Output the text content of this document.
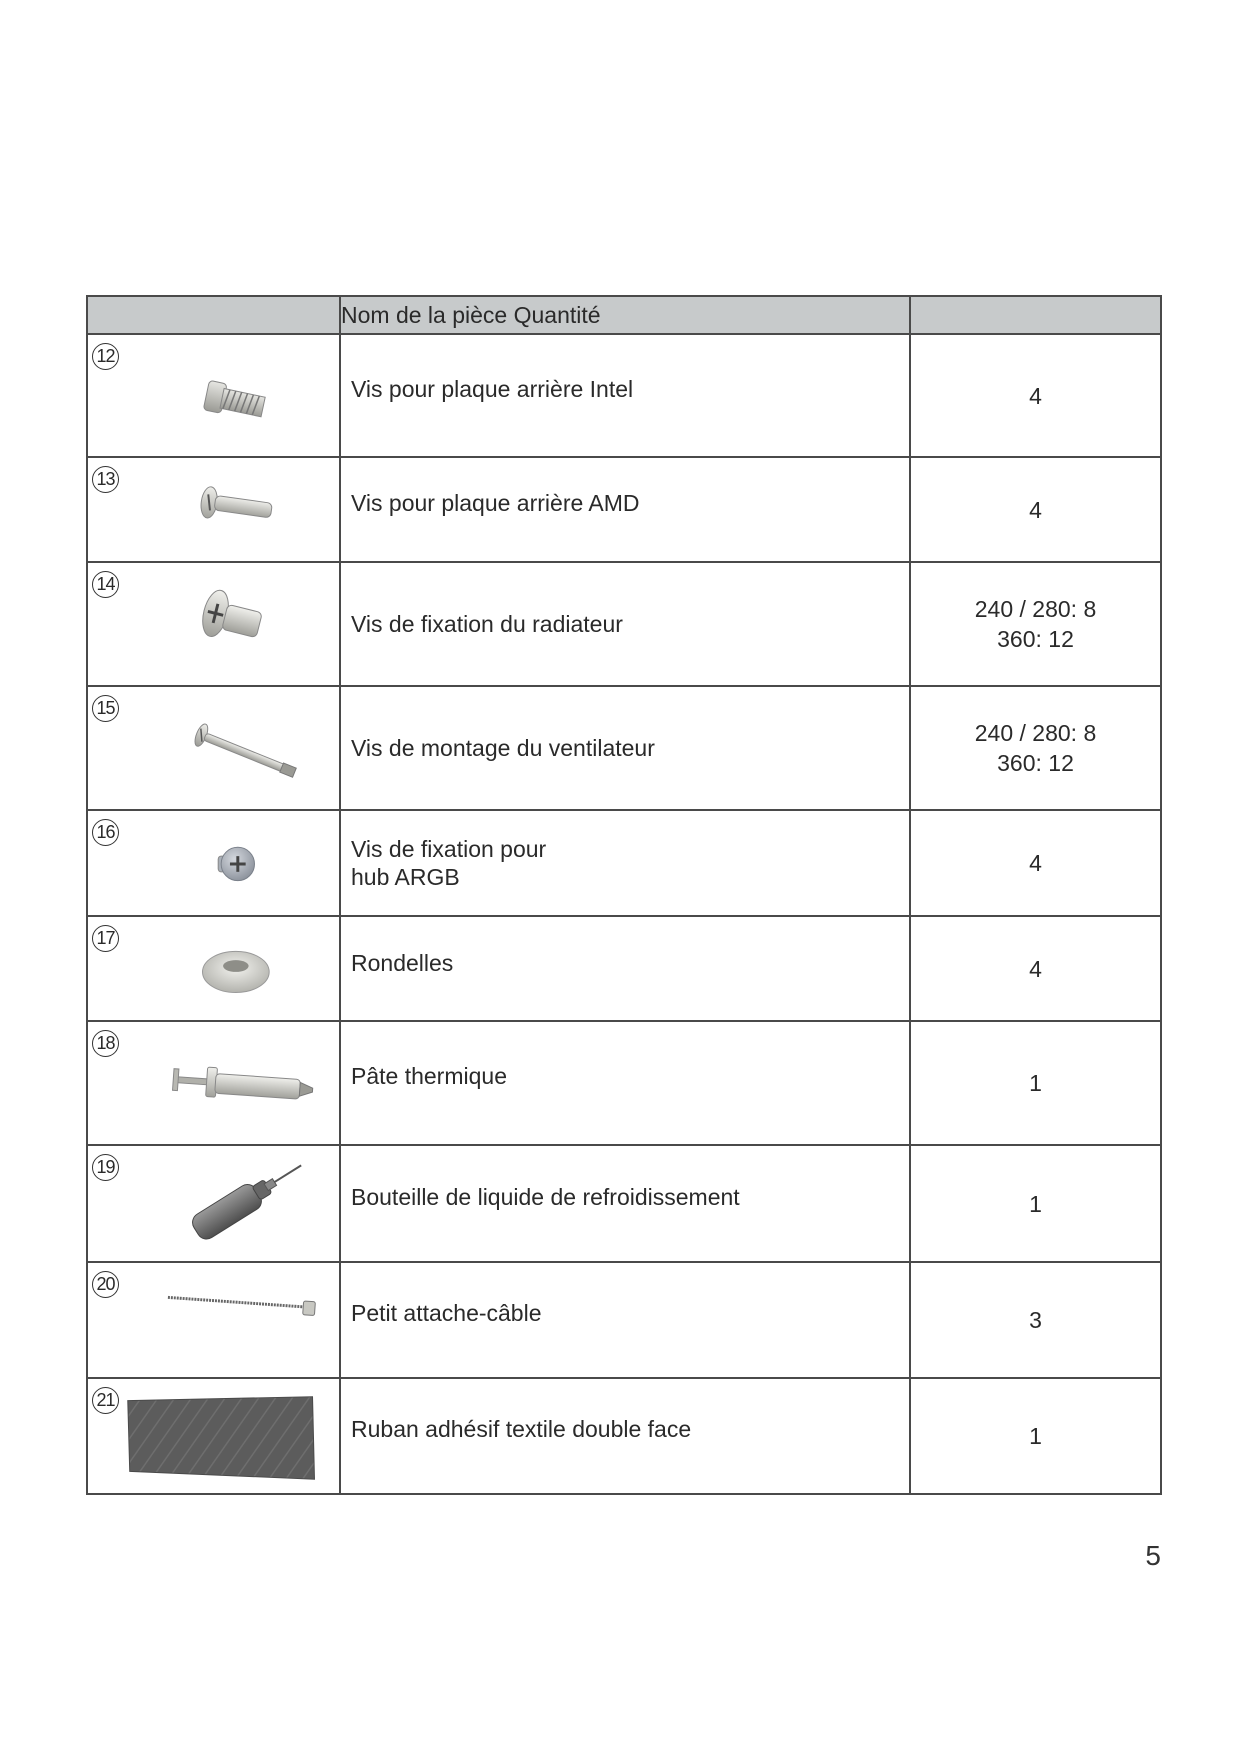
	Nom de la pièce Quantité	

12	Vis pour plaque arrière Intel	4

13	Vis pour plaque arrière AMD	4

14	Vis de fixation du radiateur	240 / 280: 8
360: 12

15	Vis de montage du ventilateur	240 / 280: 8
360: 12

16	Vis de fixation pour
hub ARGB	4

17	Rondelles	4

18	Pâte thermique	1

19	Bouteille de liquide de refroidissement	1

20	Petit attache-câble	3

21	Ruban adhésif textile double face	1
5
